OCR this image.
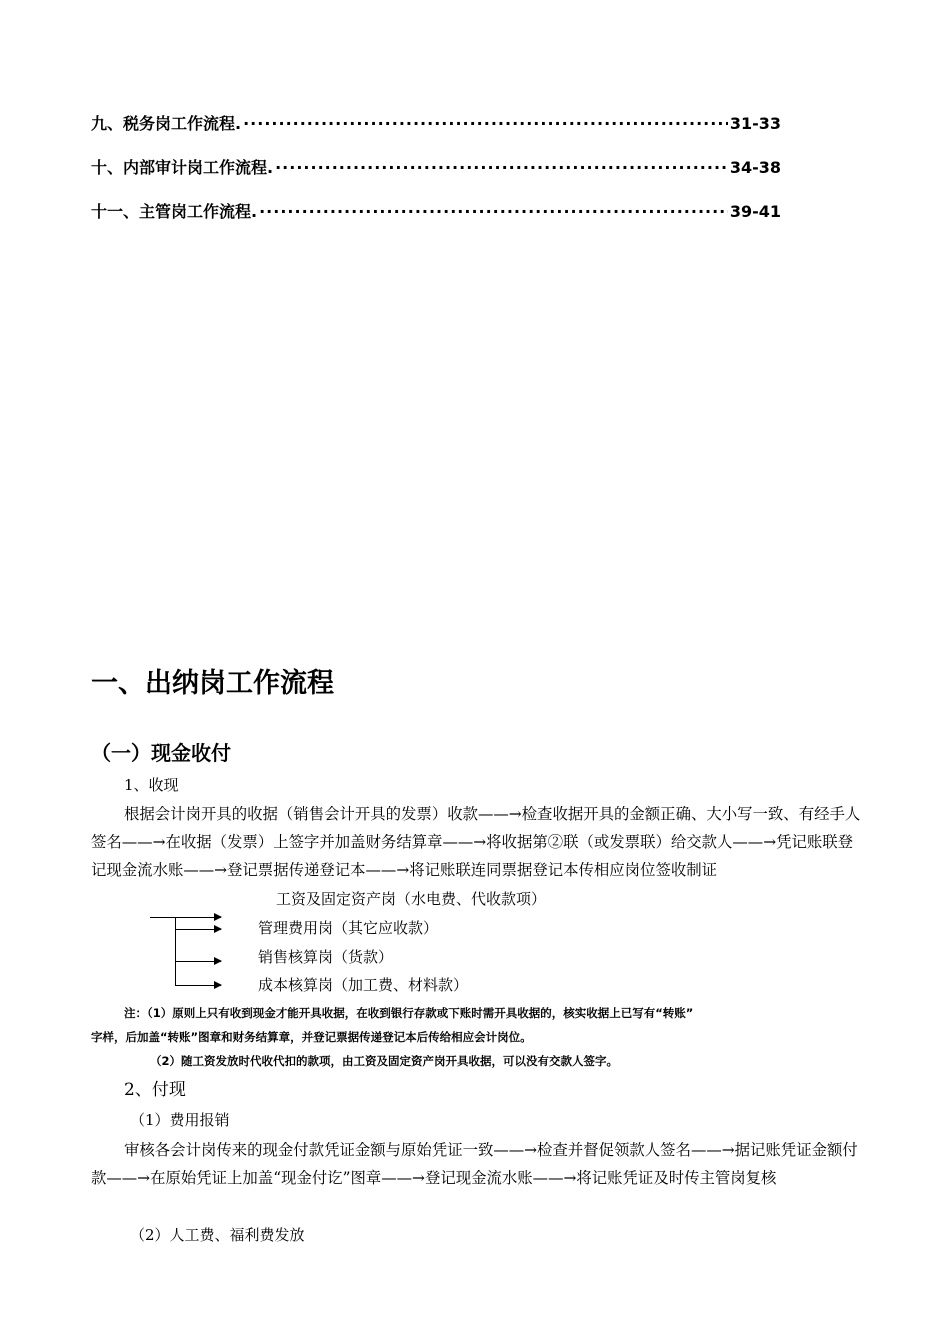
九、税务岗工作流程. ·····	31-33
十、内部审计岗工作流程. ·····	34-38
十一、主管岗工作流程. ·····	39-41
一、出纳岗工作流程
（一）现金收付
1、收现
根据会计岗开具的收据（销售会计开具的发票）收款——→检查收据开具的金额正确、大小写一致、有经手人签名——→在收据（发票）上签字并加盖财务结算章——→将收据第②联（或发票联）给交款人——→凭记账联登记现金流水账——→登记票据传递登记本——→将记账联连同票据登记本传相应岗位签收制证
工资及固定资产岗（水电费、代收款项）
管理费用岗（其它应收款）
销售核算岗（货款）
成本核算岗（加工费、材料款）
注：（1）原则上只有收到现金才能开具收据，在收到银行存款或下账时需开具收据的，核实收据上已写有“转账”
字样，后加盖“转账”图章和财务结算章，并登记票据传递登记本后传给相应会计岗位。
（2）随工资发放时代收代扣的款项，由工资及固定资产岗开具收据，可以没有交款人签字。
2、付现
（1）费用报销
审核各会计岗传来的现金付款凭证金额与原始凭证一致——→检查并督促领款人签名——→据记账凭证金额付款——→在原始凭证上加盖“现金付讫”图章——→登记现金流水账——→将记账凭证及时传主管岗复核
（2）人工费、福利费发放
